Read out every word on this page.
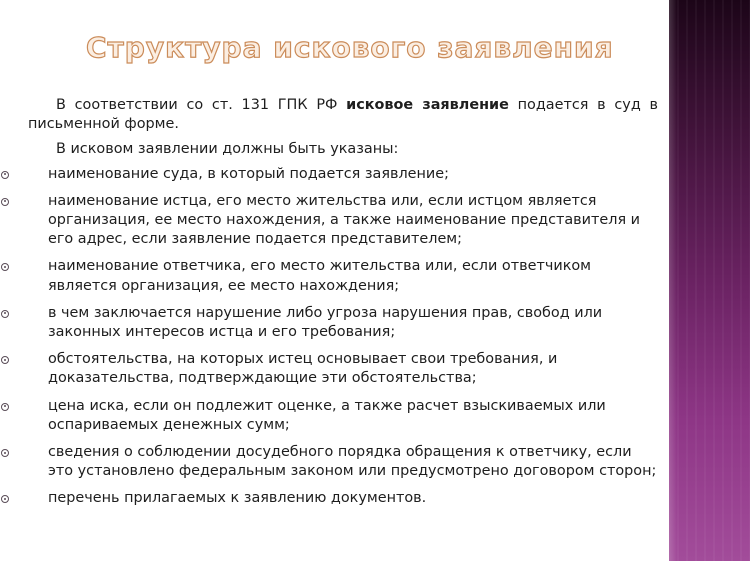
Структура искового заявления

В соответствии со ст. 131 ГПК РФ исковое заявление подается в суд в письменной форме.

В исковом заявлении должны быть указаны:

наименование суда, в который подается заявление;
наименование истца, его место жительства или, если истцом является организация, ее место нахождения, а также наименование представителя и его адрес, если заявление подается представителем;
наименование ответчика, его место жительства или, если ответчиком является организация, ее место нахождения;
в чем заключается нарушение либо угроза нарушения прав, свобод или законных интересов истца и его требования;
обстоятельства, на которых истец основывает свои требования, и доказательства, подтверждающие эти обстоятельства;
цена иска, если он подлежит оценке, а также расчет взыскиваемых или оспариваемых денежных сумм;
сведения о соблюдении досудебного порядка обращения к ответчику, если это установлено федеральным законом или предусмотрено договором сторон;
перечень прилагаемых к заявлению документов.
